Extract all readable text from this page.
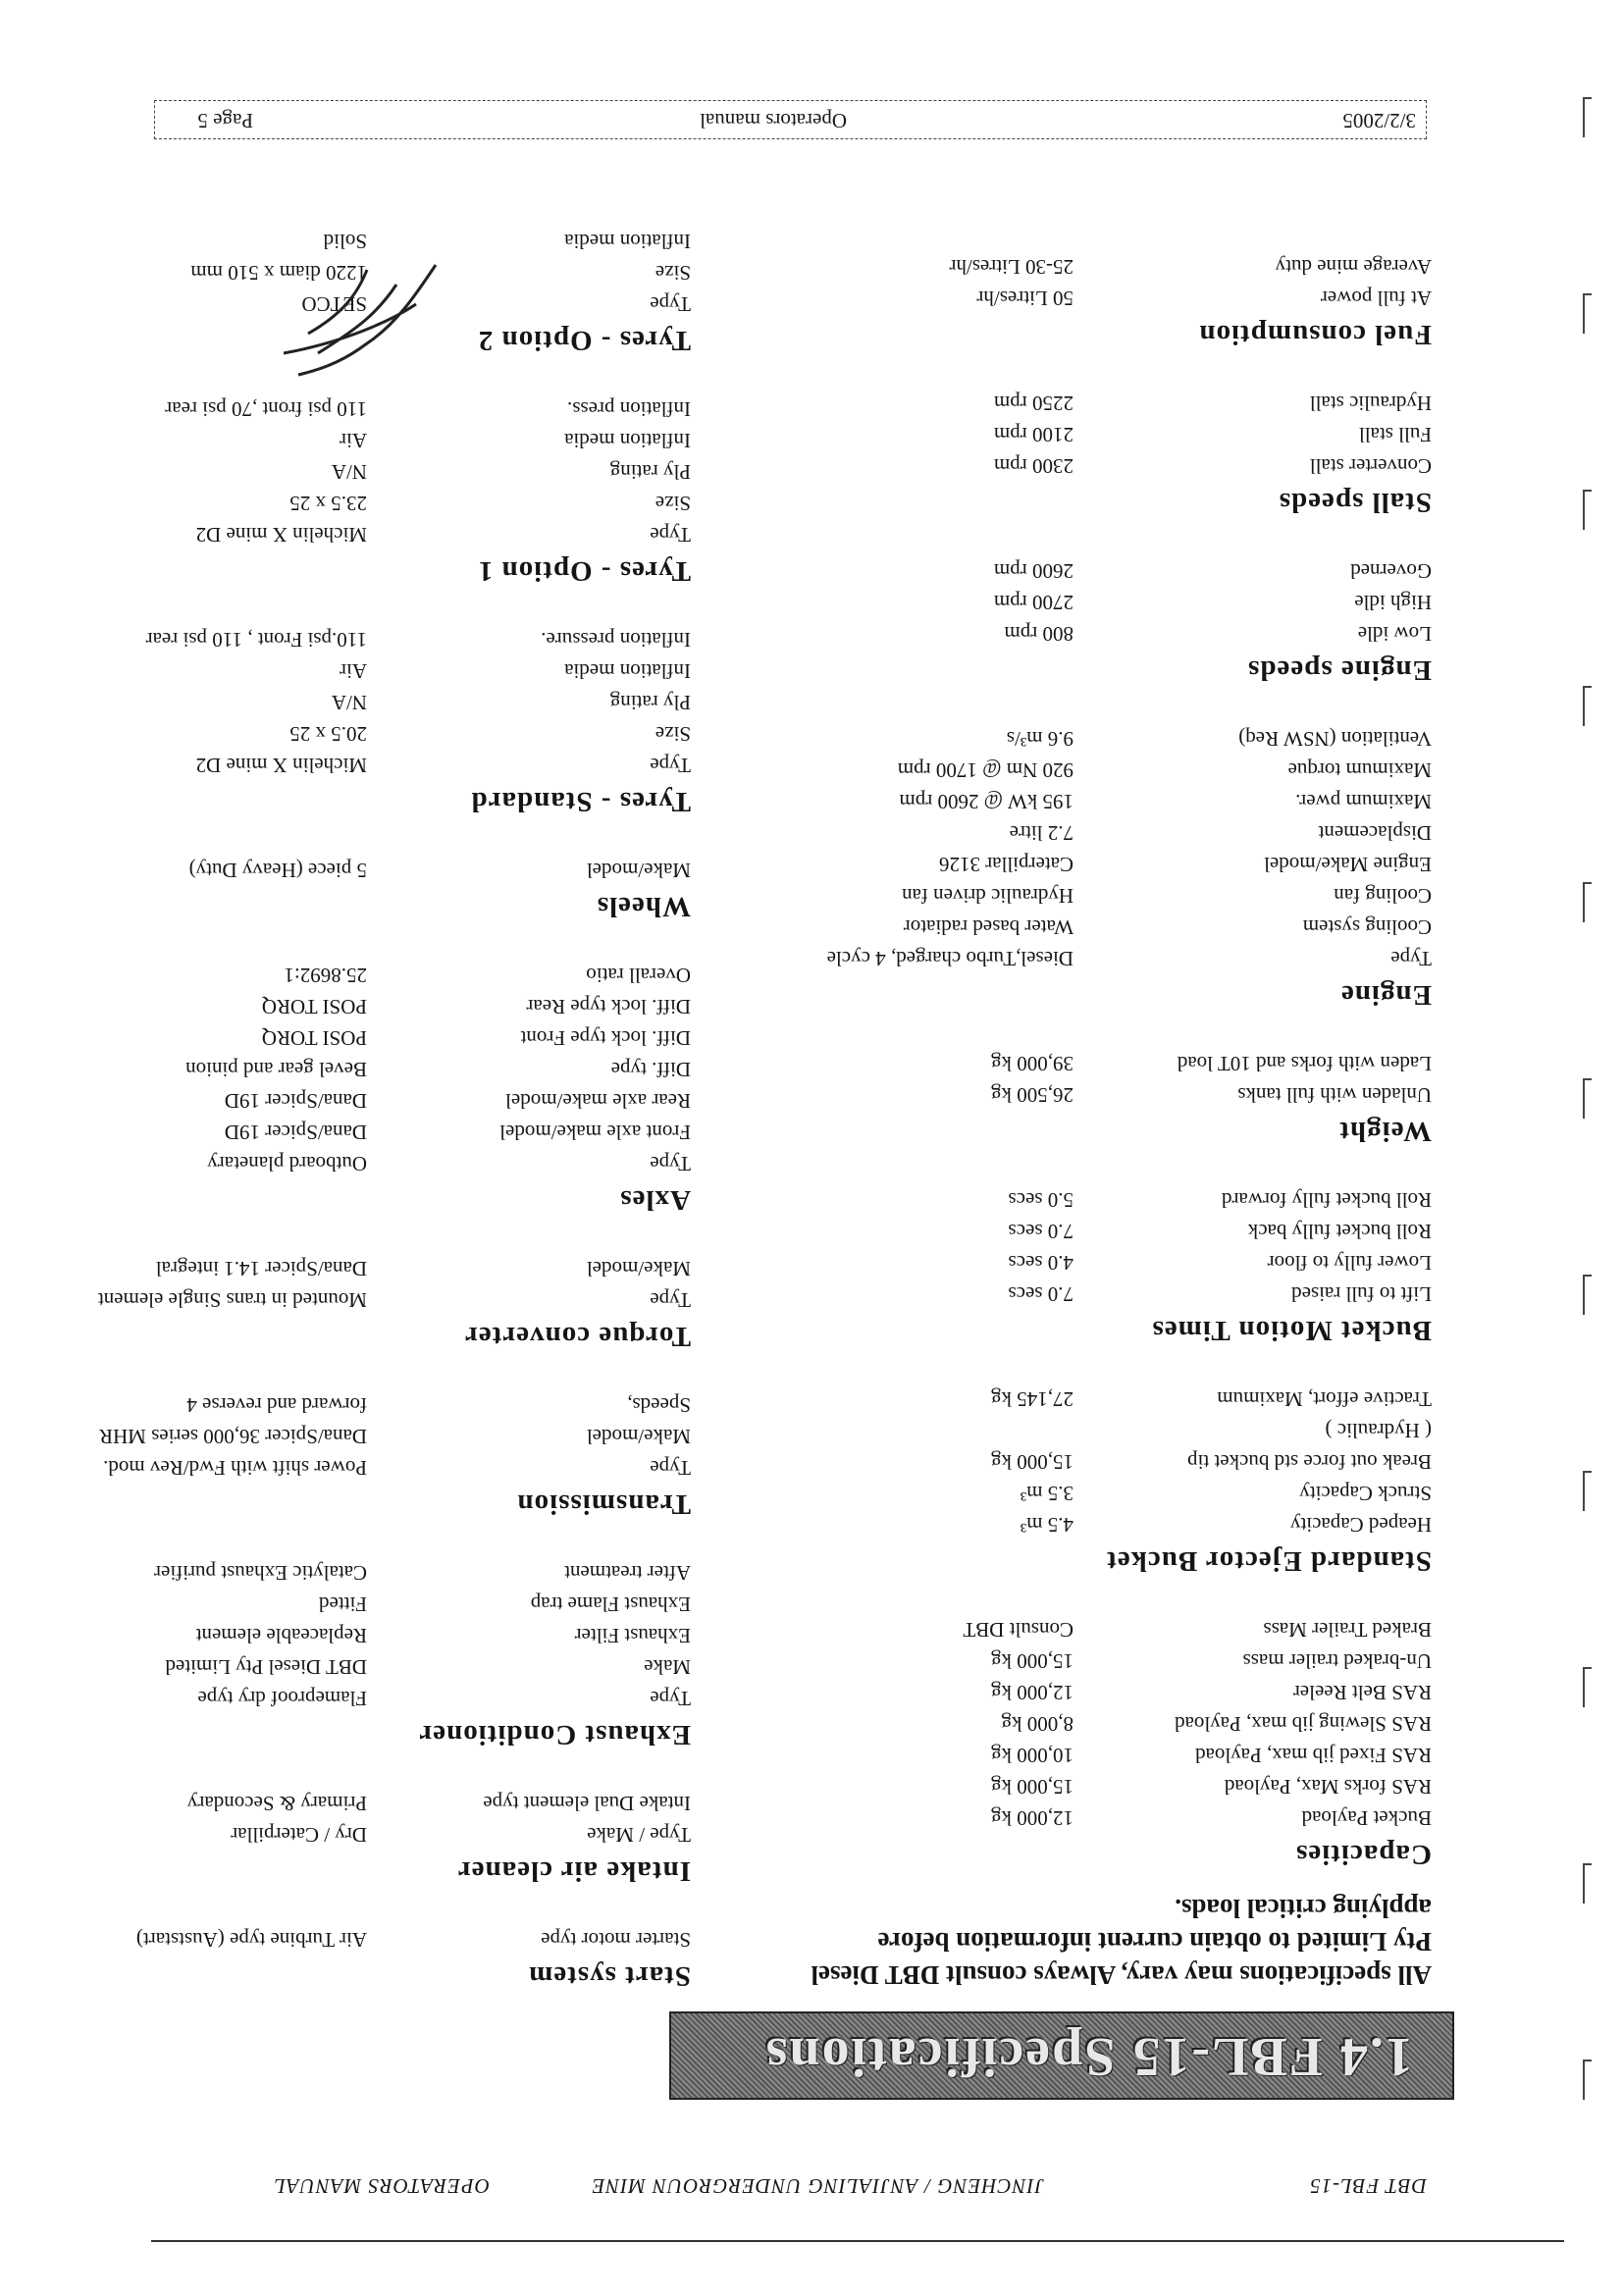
DBT FBL-15
JINCHENG / ANJIALING UNDERGROUN MINE
OPERATORS MANUAL
1.4 FBL-15 Specifications
All specifications may vary, Always consult DBT Diesel Pty Limited to obtain current information before applying critical loads.
Capacities
Bucket Payload
12,000 kg
RAS forks Max, Payload
15,000 kg
RAS Fixed jib max, Payload
10,000 kg
RAS Slewing jib max, Payload
8,000 kg
RAS Belt Reeler
12,000 kg
Un-braked trailer mass
15,000 kg
Braked Trailer Mass
Consult DBT
Standard Ejector Bucket
Heaped Capacity
4.5 m³
Struck Capacity
3.5 m³
Break out force std bucket tip
15,000 kg
( Hydraulic )
Tractive effort, Maximum
27,145 kg
Bucket Motion Times
Lift to full raised
7.0 secs
Lower fully to floor
4.0 secs
Roll bucket fully back
7.0 secs
Roll bucket fully forward
5.0 secs
Weight
Unladen with full tanks
26,500 kg
Laden with forks and 10T load
39,000 kg
Engine
Type
Diesel,Turbo charged, 4 cycle
Cooling system
Water based radiator
Cooling fan
Hydraulic driven fan
Engine Make/model
Caterpillar 3126
Displacement
7.2 litre
Maximum pwer.
195 kW @ 2600 rpm
Maximum torque
920 Nm @ 1700 rpm
Ventilation (NSW Req)
9.6 m³/s
Engine speeds
Low idle
800 rpm
High idle
2700 rpm
Governed
2600 rpm
Stall speeds
Converter stall
2300 rpm
Full stall
2100 rpm
Hydraulic stall
2250 rpm
Fuel consumption
At full power
50 Litres/hr
Average mine duty
25-30 Litres/hr
Start system
Starter motor type
Air Turbine type (Auststart)
Intake air cleaner
Type / Make
Dry / Caterpillar
Intake Dual element type
Primary & Secondary
Exhaust Conditioner
Type
Flameproof dry type
Make
DBT Diesel Pty Limited
Exhaust Filter
Replaceable element
Exhaust Flame trap
Fitted
After treatment
Catalytic Exhaust purifier
Transmission
Type
Power shift with Fwd/Rev mod.
Make/model
Dana/Spicer 36,000 series MHR
Speeds,
forward and reverse 4
Torque converter
Type
Mounted in trans Single element
Make/model
Dana/Spicer 14.1 integral
Axles
Type
Outboard planetary
Front axle make/model
Dana/Spicer 19D
Rear axle make/model
Dana/Spicer 19D
Diff. type
Bevel gear and pinion
Diff. lock type Front
POSI TORQ
Diff. lock type Rear
POSI TORQ
Overall ratio
25.8692:1
Wheels
Make/model
5 piece (Heavy Duty)
Tyres - Standard
Type
Michelin X mine D2
Size
20.5 x 25
Ply rating
N/A
Inflation media
Air
Inflation pressure.
110.psi Front , 110 psi rear
Tyres - Option 1
Type
Michelin X mine D2
Size
23.5 x 25
Ply rating
N/A
Inflation media
Air
Inflation press.
110 psi front ,70 psi rear
Tyres - Option 2
Type
SETCO
Size
1220 diam x 510 mm
Inflation media
Solid
3/2/2005
Operators manual
Page 5
